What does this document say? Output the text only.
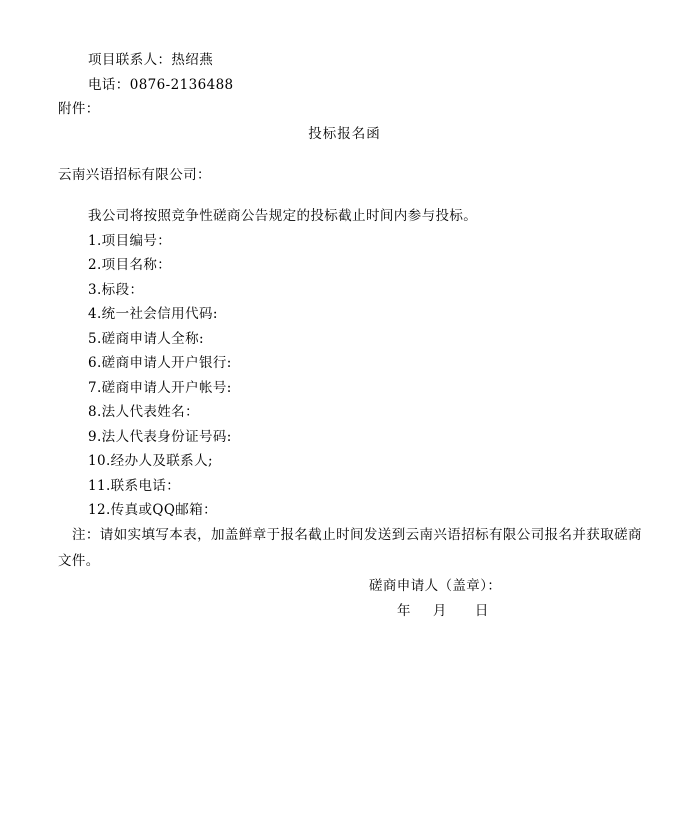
项目联系人：热绍燕
电话：0876-2136488
附件：
投标报名函
云南兴语招标有限公司：
我公司将按照竞争性磋商公告规定的投标截止时间内参与投标。
1.项目编号：
2.项目名称：
3.标段：
4.统一社会信用代码:
5.磋商申请人全称:
6.磋商申请人开户银行:
7.磋商申请人开户帐号:
8.法人代表姓名：
9.法人代表身份证号码:
10.经办人及联系人;
11.联系电话：
12.传真或QQ邮箱：
注：请如实填写本表，加盖鲜章于报名截止时间发送到云南兴语招标有限公司报名并获取磋商文件。
磋商申请人（盖章）：
年 月 日
